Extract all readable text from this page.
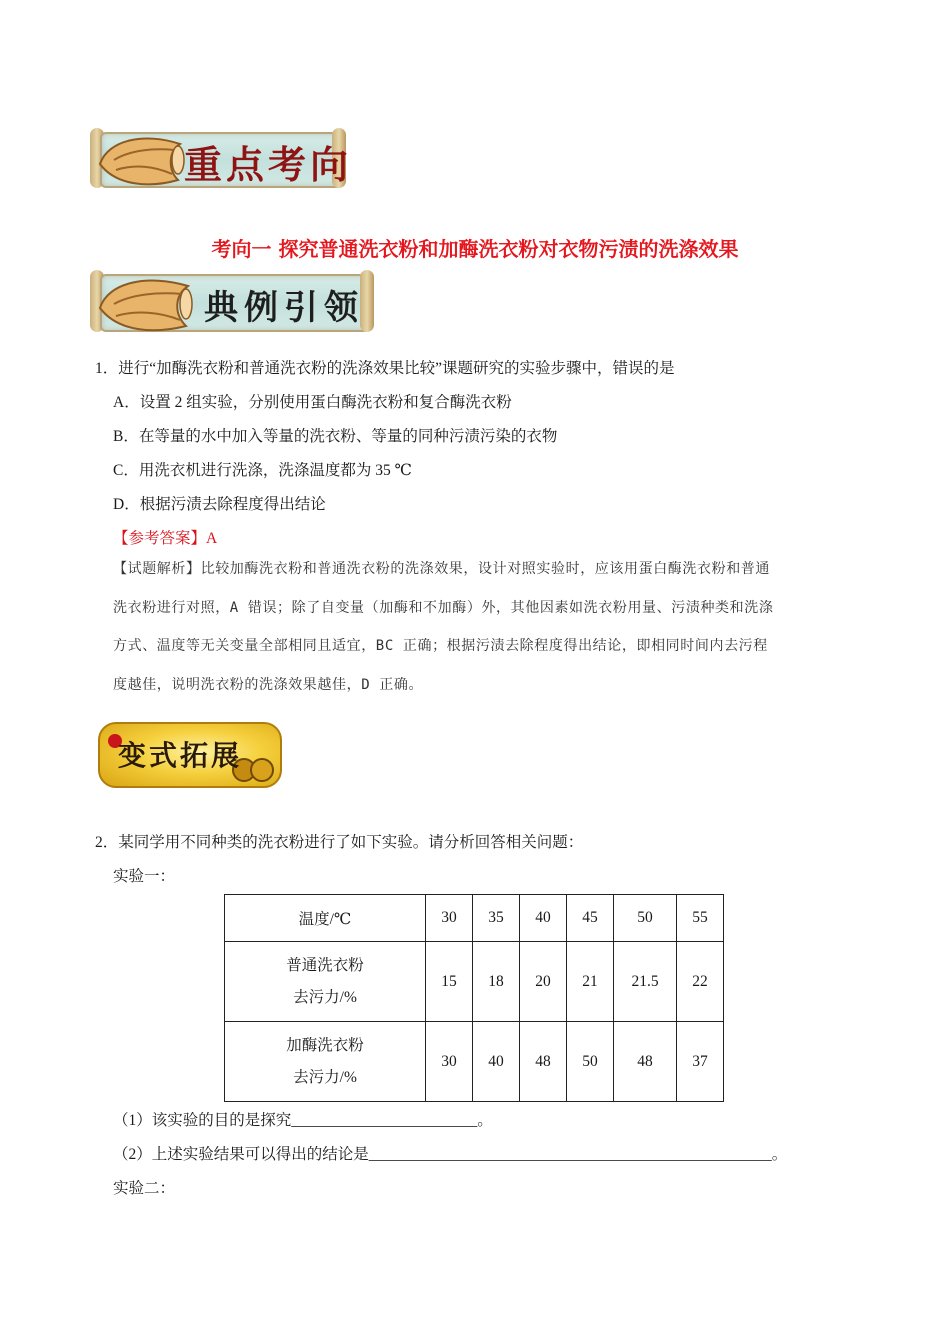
重点考向
考向一 探究普通洗衣粉和加酶洗衣粉对衣物污渍的洗涤效果
典例引领
1．进行“加酶洗衣粉和普通洗衣粉的洗涤效果比较”课题研究的实验步骤中，错误的是
A．设置 2 组实验，分别使用蛋白酶洗衣粉和复合酶洗衣粉
B．在等量的水中加入等量的洗衣粉、等量的同种污渍污染的衣物
C．用洗衣机进行洗涤，洗涤温度都为 35 ℃
D．根据污渍去除程度得出结论
【参考答案】A
【试题解析】比较加酶洗衣粉和普通洗衣粉的洗涤效果，设计对照实验时，应该用蛋白酶洗衣粉和普通
洗衣粉进行对照，A 错误；除了自变量（加酶和不加酶）外，其他因素如洗衣粉用量、污渍种类和洗涤
方式、温度等无关变量全部相同且适宜，BC 正确；根据污渍去除程度得出结论，即相同时间内去污程
度越佳，说明洗衣粉的洗涤效果越佳，D 正确。
变式拓展
2．某同学用不同种类的洗衣粉进行了如下实验。请分析回答相关问题：
实验一：
温度/℃	30	35	40	45	50	55

普通洗衣粉
去污力/%	15	18	20	21	21.5	22

加酶洗衣粉
去污力/%	30	40	48	50	48	37
（1）该实验的目的是探究________________________。
（2）上述实验结果可以得出的结论是____________________________________________________。
实验二：
